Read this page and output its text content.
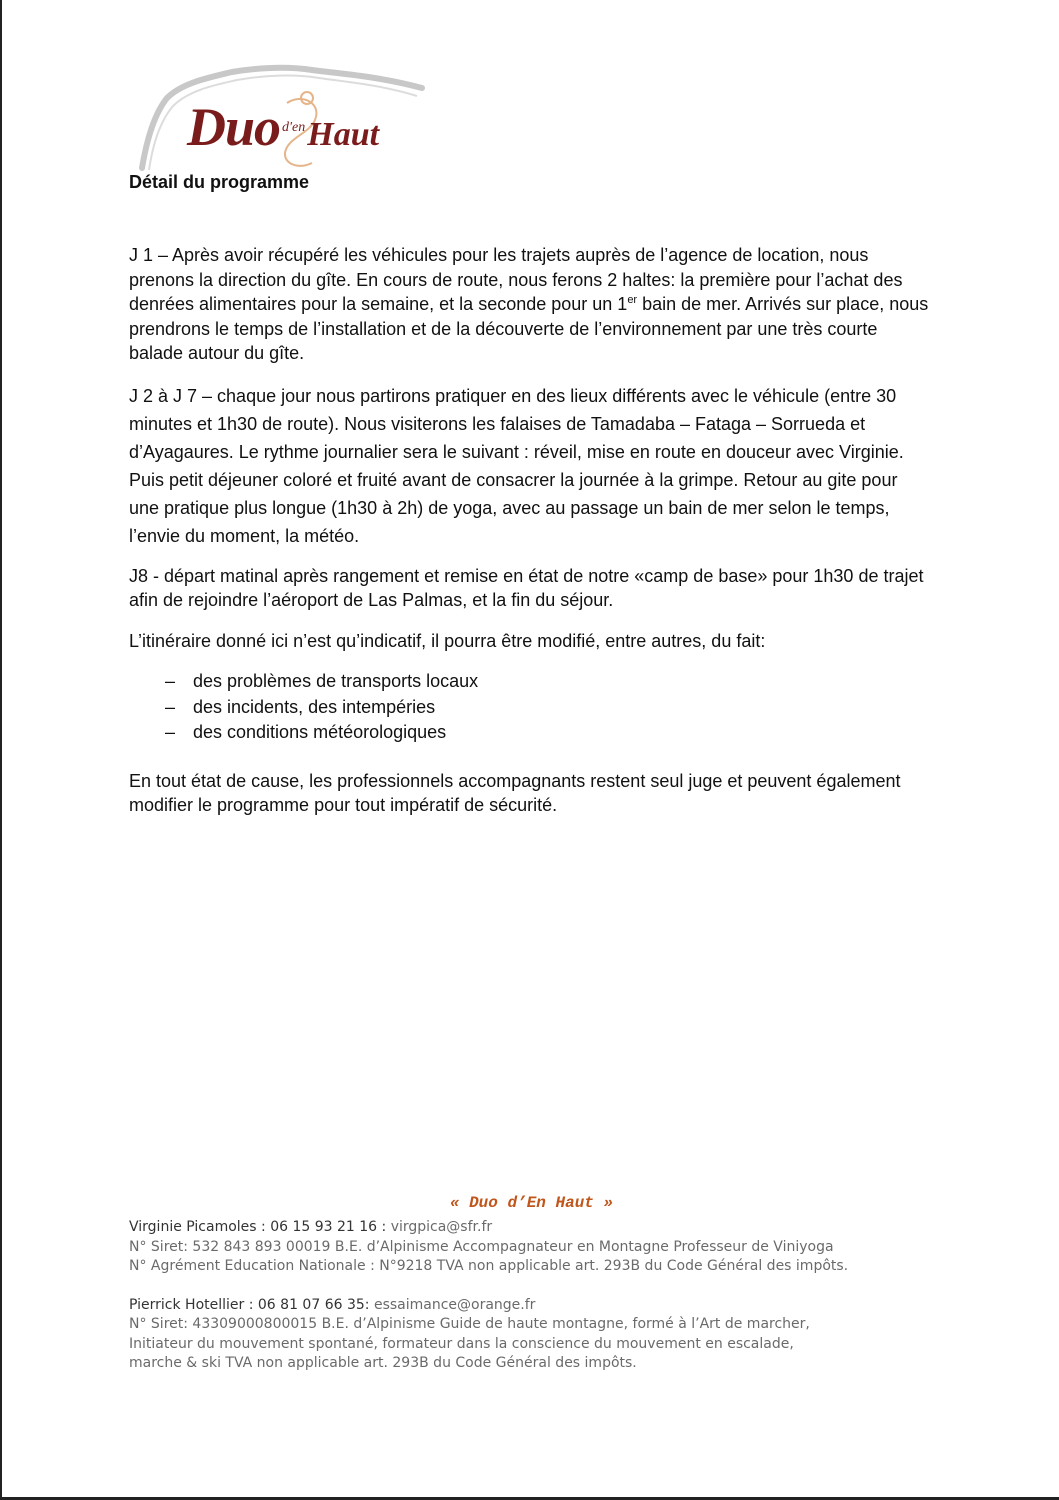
Duo d'enHaut
Détail du programme

J 1 – Après avoir récupéré les véhicules pour les trajets auprès de l’agence de location, nous prenons la direction du gîte. En cours de route, nous ferons 2 haltes: la première pour l’achat des denrées alimentaires pour la semaine, et la seconde pour un 1er bain de mer. Arrivés sur place, nous prendrons le temps de l’installation et de la découverte de l’environnement par une très courte balade autour du gîte.

J 2 à J 7 – chaque jour nous partirons pratiquer en des lieux différents avec le véhicule (entre 30 minutes et 1h30 de route). Nous visiterons les falaises de Tamadaba – Fataga – Sorrueda et d’Ayagaures. Le rythme journalier sera le suivant : réveil, mise en route en douceur avec Virginie. Puis petit déjeuner coloré et fruité avant de consacrer la journée à la grimpe. Retour au gite pour une pratique plus longue (1h30 à 2h) de yoga, avec au passage un bain de mer selon le temps, l’envie du moment, la météo.

J8 - départ matinal après rangement et remise en état de notre «camp de base» pour 1h30 de trajet afin de rejoindre l’aéroport de Las Palmas, et la fin du séjour.

L’itinéraire donné ici n’est qu’indicatif, il pourra être modifié, entre autres, du fait:

– des problèmes de transports locaux
– des incidents, des intempéries
– des conditions météorologiques

En tout état de cause, les professionnels accompagnants restent seul juge et peuvent également modifier le programme pour tout impératif de sécurité.

« Duo d’En Haut »
Virginie Picamoles : 06 15 93 21 16 : virgpica@sfr.fr
N° Siret: 532 843 893 00019 B.E. d’Alpinisme Accompagnateur en Montagne Professeur de Viniyoga N° Agrément Education Nationale : N°9218 TVA non applicable art. 293B du Code Général des impôts.
Pierrick Hotellier : 06 81 07 66 35: essaimance@orange.fr
N° Siret: 43309000800015 B.E. d’Alpinisme Guide de haute montagne, formé à l’Art de marcher, Initiateur du mouvement spontané, formateur dans la conscience du mouvement en escalade, marche & ski TVA non applicable art. 293B du Code Général des impôts.
